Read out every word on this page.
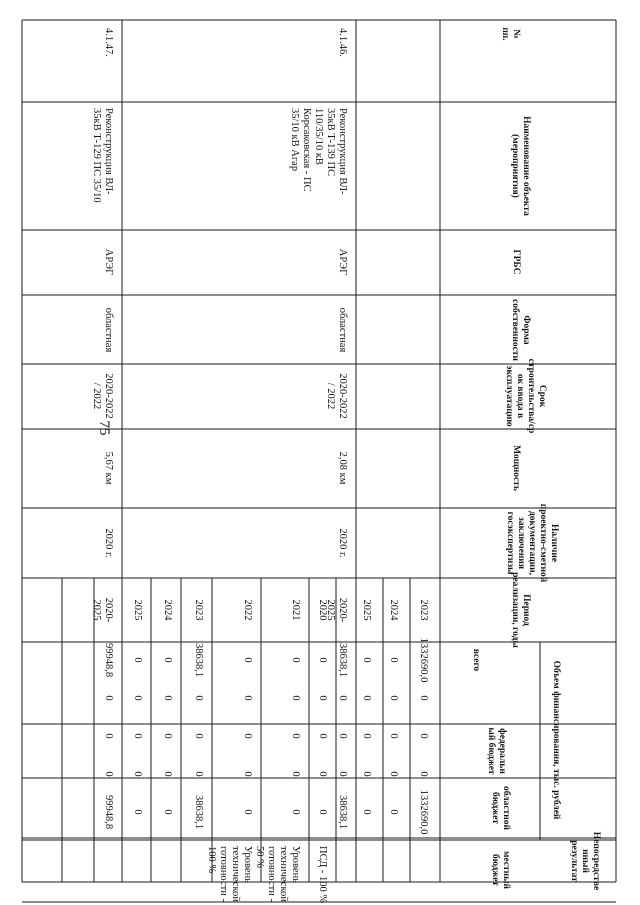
75
№
пп.
Наименование объекта
(мероприятия)
ГРБС
Форма
собственности
Срок
строительства/ср
ок ввода в
эксплуатацию
Мощность
Наличие
проектно-сметной
документации,
заключения
госэкспертизы
Период
реализации, годы
Объем финансирования, тыс. рублей
всего
федеральн
ый бюджет
областной
бюджет
местный
бюджет	Непосредстве
нный
результат
2023
1332690,0
0
0
0
1332690,0
2024
0
0
0
0
0
2025
0
0
0
0
0
4.1.46.
Реконструкция ВЛ-
35кВ Т-139 ПС
110/35/10 кВ
Корсаковская - ПС
35/10 кВ Агар
АРЭГ
областная
2020-2022
/ 2022
2,08 км
2020 г.
2020-
2025
38638,1
0
0
0
38638,1
2020
0
0
0
0
0
ПСД - 100 %
2021
0
0
0
0
0
Уровень
технической
готовности -
50 %
2022
0
0
0
0
0
Уровень
технической
готовности -
100 %
2023
38638,1
0
0
0
38638,1
2024
0
0
0
0
0
2025
0
0
0
0
0
4.1.47.
Реконструкция ВЛ-
35кВ Т-129 ПС 35/10
АРЭГ
областная
2020-2022
/ 2022
5,67 км
2020 г.
2020-
2025
99948,8
0
0
0
99948,8
